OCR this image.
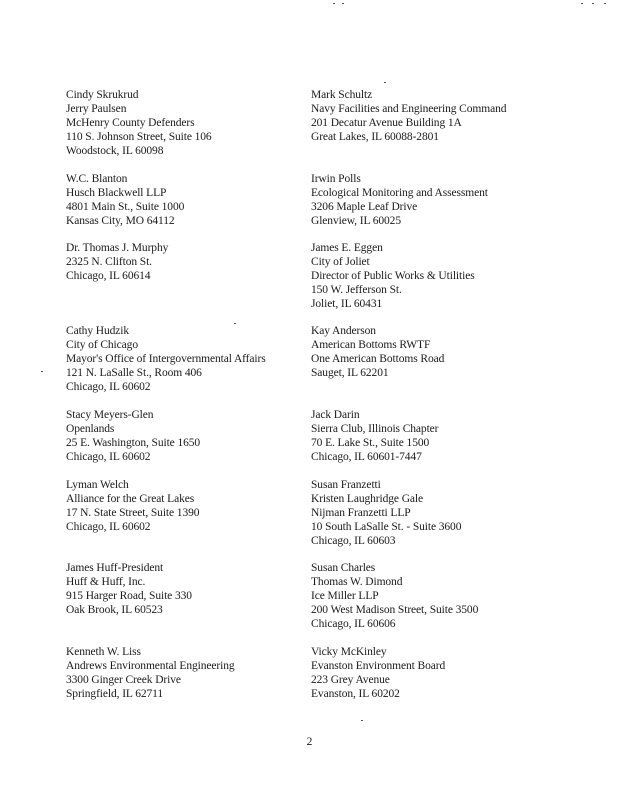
Cindy Skrukrud
Jerry Paulsen
McHenry County Defenders
110 S. Johnson Street, Suite 106
Woodstock, IL 60098
W.C. Blanton
Husch Blackwell LLP
4801 Main St., Suite 1000
Kansas City, MO 64112
Dr. Thomas J. Murphy
2325 N. Clifton St.
Chicago, IL 60614
Cathy Hudzik
City of Chicago
Mayor's Office of Intergovernmental Affairs
121 N. LaSalle St., Room 406
Chicago, IL 60602
Stacy Meyers-Glen
Openlands
25 E. Washington, Suite 1650
Chicago, IL 60602
Lyman Welch
Alliance for the Great Lakes
17 N. State Street, Suite 1390
Chicago, IL 60602
James Huff-President
Huff & Huff, Inc.
915 Harger Road, Suite 330
Oak Brook, IL 60523
Kenneth W. Liss
Andrews Environmental Engineering
3300 Ginger Creek Drive
Springfield, IL 62711
Mark Schultz
Navy Facilities and Engineering Command
201 Decatur Avenue Building 1A
Great Lakes, IL 60088-2801
Irwin Polls
Ecological Monitoring and Assessment
3206 Maple Leaf Drive
Glenview, IL 60025
James E. Eggen
City of Joliet
Director of Public Works & Utilities
150 W. Jefferson St.
Joliet, IL 60431
Kay Anderson
American Bottoms RWTF
One American Bottoms Road
Sauget, IL 62201
Jack Darin
Sierra Club, Illinois Chapter
70 E. Lake St., Suite 1500
Chicago, IL 60601-7447
Susan Franzetti
Kristen Laughridge Gale
Nijman Franzetti LLP
10 South LaSalle St. - Suite 3600
Chicago, IL 60603
Susan Charles
Thomas W. Dimond
Ice Miller LLP
200 West Madison Street, Suite 3500
Chicago, IL 60606
Vicky McKinley
Evanston Environment Board
223 Grey Avenue
Evanston, IL 60202
2
